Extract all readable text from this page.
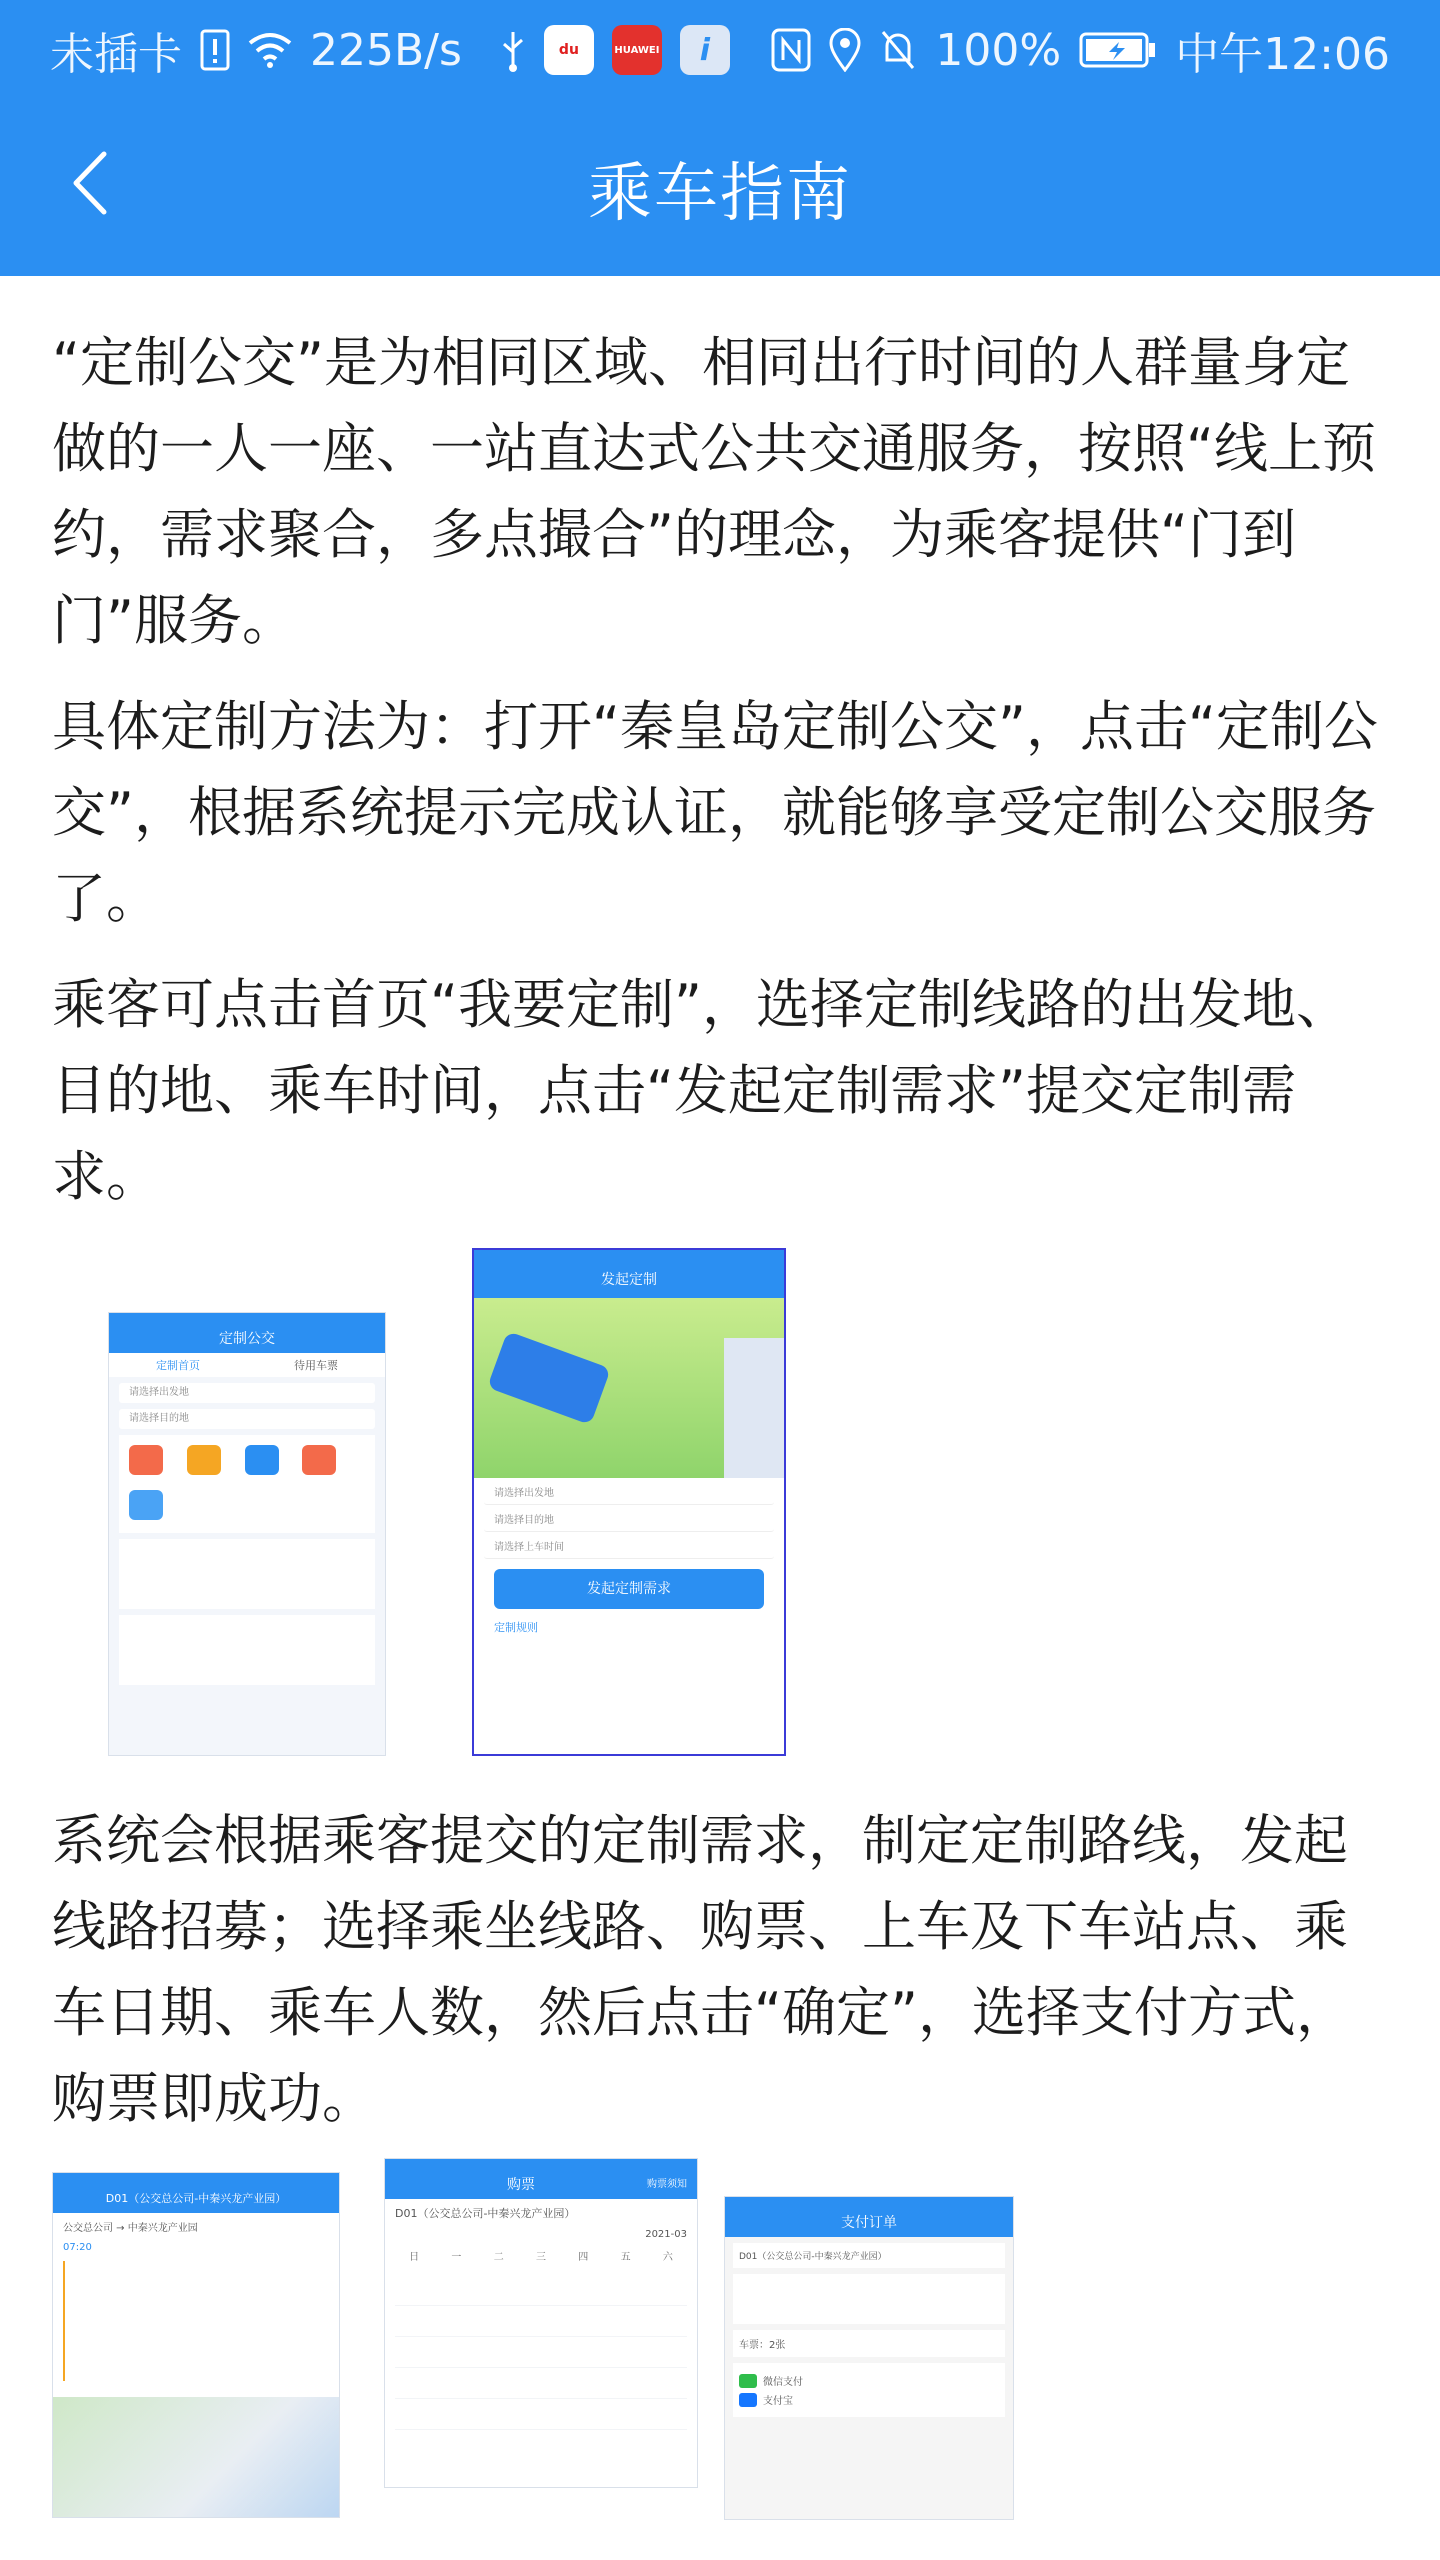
未插卡	225B/s	du	HUAWEI	i	100%	中午12:06
乘车指南

“定制公交”是为相同区域、相同出行时间的人群量身定做的一人一座、一站直达式公共交通服务，按照“线上预约，需求聚合，多点撮合”的理念，为乘客提供“门到门”服务。

具体定制方法为：打开“秦皇岛定制公交”，点击“定制公交”，根据系统提示完成认证，就能够享受定制公交服务了。

乘客可点击首页“我要定制”，选择定制线路的出发地、目的地、乘车时间，点击“发起定制需求”提交定制需求。

定制公交
定制首页	待用车票
请选择出发地
请选择目的地

发起定制
请选择出发地
请选择目的地
请选择上车时间
发起定制需求
定制规则

系统会根据乘客提交的定制需求，制定定制路线，发起线路招募；选择乘坐线路、购票、上车及下车站点、乘车日期、乘车人数，然后点击“确定”，选择支付方式，购票即成功。

D01（公交总公司-中秦兴龙产业园）
公交总公司 → 中秦兴龙产业园
07:20
购票	购票须知
D01（公交总公司-中秦兴龙产业园）
2021-03
日	一	二	三	四	五	六
支付订单
D01（公交总公司-中秦兴龙产业园）
车票：2张
微信支付
支付宝
